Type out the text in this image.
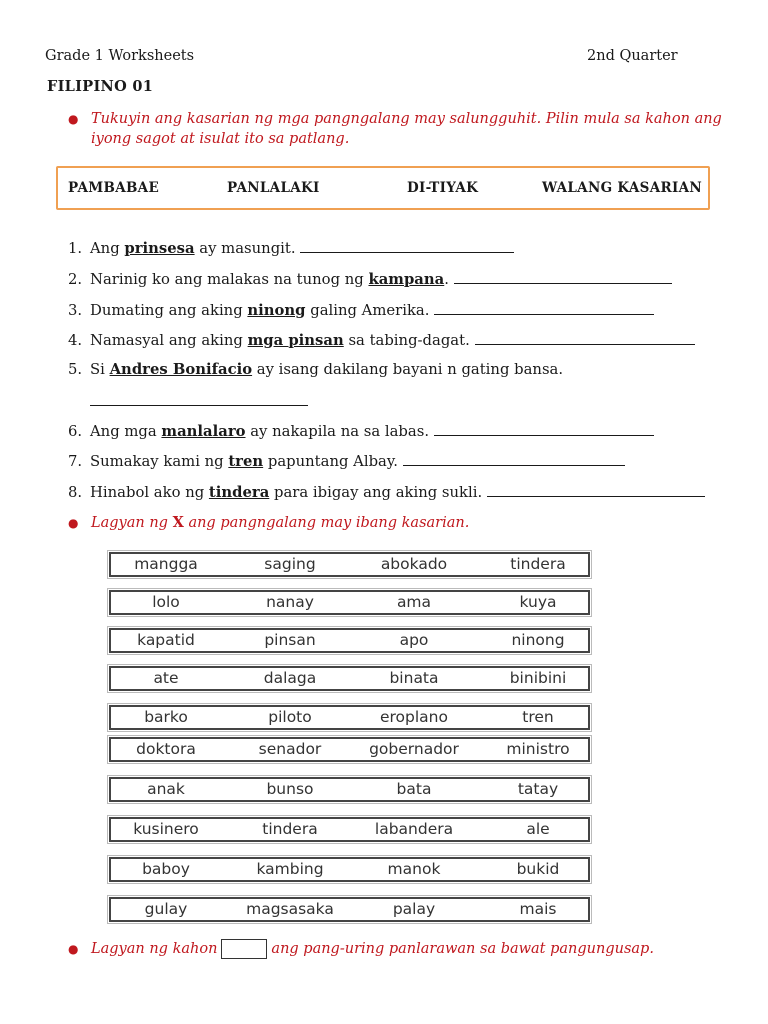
Grade 1 Worksheets	2nd Quarter
FILIPINO 01
● Tukuyin ang kasarian ng mga pangngalang may salungguhit. Pilin mula sa kahon ang iyong sagot at isulat ito sa patlang.
PAMBABAE	PANLALAKI	DI-TIYAK	WALANG KASARIAN
1. Ang prinsesa ay masungit.
2. Narinig ko ang malakas na tunog ng kampana.
3. Dumating ang aking ninong galing Amerika.
4. Namasyal ang aking mga pinsan sa tabing-dagat.
5. Si Andres Bonifacio ay isang dakilang bayani n gating bansa.
6. Ang mga manlalaro ay nakapila na sa labas.
7. Sumakay kami ng tren papuntang Albay.
8. Hinabol ako ng tindera para ibigay ang aking sukli.
● Lagyan ng X ang pangngalang may ibang kasarian.
mangga	saging	abokado	tindera
lolo	nanay	ama	kuya
kapatid	pinsan	apo	ninong
ate	dalaga	binata	binibini
barko	piloto	eroplano	tren
doktora	senador	gobernador	ministro
anak	bunso	bata	tatay
kusinero	tindera	labandera	ale
baboy	kambing	manok	bukid
gulay	magsasaka	palay	mais
● Lagyan ng kahon	ang pang-uring panlarawan sa bawat pangungusap.
